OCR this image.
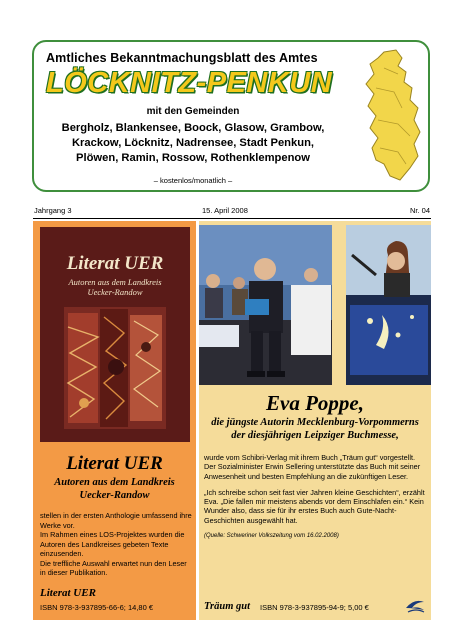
Amtliches Bekanntmachungsblatt des Amtes
LÖCKNITZ-PENKUN
mit den Gemeinden
Bergholz, Blankensee, Boock, Glasow, Grambow,
Krackow, Löcknitz, Nadrensee, Stadt Penkun,
Plöwen, Ramin, Rossow, Rothenklempenow
– kostenlos/monatlich –
Jahrgang 3	15. April 2008	Nr. 04
Literat UER
Autoren aus dem Landkreis
Uecker-Randow
Literat UER
Autoren aus dem Landkreis
Uecker-Randow

stellen in der ersten Anthologie umfassend ihre Werke vor.

Im Rahmen eines LOS-Projektes wurden die Autoren des Landkreises gebeten Texte einzusenden.

Die treffliche Auswahl erwartet nun den Leser in dieser Publikation.

Literat UER
ISBN 978-3-937895-66-6; 14,80 €
Eva Poppe,
die jüngste Autorin Mecklenburg-Vorpommerns
der diesjährigen Leipziger Buchmesse,

wurde vom Schibri-Verlag mit ihrem Buch „Träum gut“ vorgestellt. Der Sozialminister Erwin Sellering unterstützte das Buch mit seiner Anwesenheit und besten Empfehlung an die zukünftigen Leser.

„Ich schreibe schon seit fast vier Jahren kleine Geschichten“, erzählt Eva. „Die fallen mir meistens abends vor dem Einschlafen ein.“ Kein Wunder also, dass sie für ihr erstes Buch auch Gute-Nacht-Geschichten ausgewählt hat.

(Quelle: Schweriner Volkszeitung vom 16.02.2008)

Träum gut ISBN 978-3-937895-94-9; 5,00 €
